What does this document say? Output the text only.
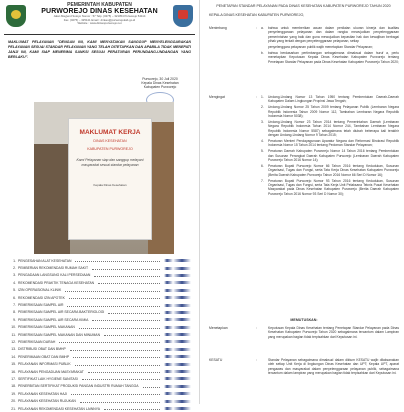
PEMERINTAH KABUPATEN
PURWOREJO DINAS KESEHATAN
Jalan Mayjend Sutoyo Nomor : 57 Telp. (0275) – 321054 Purworejo 54114
Fax. (0275) – 325141 Email : dinkes@purworejokab.go.id
Website : www.dinkespurworejo.net
MAKLUMAT PELAYANAN "DENGAN INI, KAMI MENYATAKAN SANGGUP MENYELENGGARAKAN PELAYANAN SESUAI STANDAR PELAYANAN YANG TELAH DITETAPKAN DAN APABILA TIDAK MENEPATI JANJI INI, KAMI SIAP MENERIMA SANKSI SESUAI PERATURAN PERUNDANG-UNDANGAN YANG BERLAKU".
Purworejo, 30 Juli 2020
Kepala Dinas Kesehatan
Kabupaten Purworejo
MAKLUMAT KERJA
DINAS KESEHATAN
KABUPATEN PURWOREJO
Kami Pelayanan siap dan sanggup melayani masyarakat sesuai standar pelayanan
Kepala Dinas Kesehatan
1. PENGESAHAN ALAT KESEHATAN
2. PEMBERIAN REKOMENDASI RUMAH SAKIT
3. PENGADAAN LANGSUNG KALI PERSEDIAAN
4. REKOMENDASI PRAKTIK TENAGA KESEHATAN
5. IZIN OPERASIONAL KLINIK
6. REKOMENDASI IZIN APOTEK
7. PEMERIKSAAN SAMPEL AIR
8. PEMERIKSAAN SAMPEL AIR SECARA BAKTERIOLOGI
9. PEMERIKSAAN SAMPEL AIR SECARA KIMIA
10. PEMERIKSAAN SAMPEL MAKANAN
11. PEMERIKSAAN SAMPEL MAKANAN DAN MINUMAN
12. PEMERIKSAAN DARAH
13. DISTRIBUSI OBAT DAN BMHP
14. PENERIMAAN OBAT DAN BMHP
15. PELAYANAN INFORMASI PUBLIK
16. PELAYANAN PENGADUAN MASYARAKAT
17. SERTIFIKAT LAIK HYGIENE SANITASI
18. PENERBITAN SERTIFIKAT PRODUKSI PANGAN INDUSTRI RUMAH TANGGA
19. PELAYANAN KESEHATAN HAJI
20. PELAYANAN KESEHATAN RUJUKAN
21. PELAYANAN REKOMENDASI KESEHATAN LAINNYA
PENETAPAN STANDAR PELAYANAN PADA DINAS KESEHATAN KABUPATEN PURWOREJO TAHUN 2020
KEPALA DINAS KESEHATAN KABUPATEN PURWOREJO,
Menimbang	: a.	bahwa untuk memberikan acuan dalam penilaian ukuran kinerja dan kualitas penyelenggaraan pelayanan dan dalam rangka mewujudkan penyelenggaraan pemerintahan yang baik dan guna mewujudkan kepastian hak dan kewajiban berbagai pihak yang terkait dengan penyelenggaraan pelayanan, setiap
penyelenggara pelayanan publik wajib menetapkan Standar Pelayanan;
b.	bahwa berdasarkan pertimbangan sebagaimana dimaksud dalam huruf a, perlu menetapkan Keputusan Kepala Dinas Kesehatan Kabupaten Purworejo tentang Penetapan Standar Pelayanan pada Dinas Kesehatan Kabupaten Purworejo Tahun 2020;
Mengingat	: 1.	Undang-Undang Nomor 13 Tahun 1950 tentang Pembentukan Daerah-Daerah Kabupaten Dalam Lingkungan Propinsi Jawa Tengah;
2.	Undang-Undang Nomor 25 Tahun 2009 tentang Pelayanan Publik (Lembaran Negara Republik Indonesia Tahun 2009 Nomor 112, Tambahan Lembaran Negara Republik Indonesia Nomor 5038);
3.	Undang-Undang Nomor 23 Tahun 2014 tentang Pemerintahan Daerah (Lembaran Negara Republik Indonesia Tahun 2014 Nomor 244, Tambahan Lembaran Negara Republik Indonesia Nomor 5587) sebagaimana telah diubah beberapa kali terakhir dengan Undang-Undang Nomor 9 Tahun 2015;
4.	Peraturan Menteri Pendayagunaan Aparatur Negara dan Reformasi Birokrasi Republik Indonesia Nomor 15 Tahun 2014 tentang Pedoman Standar Pelayanan;
5.	Peraturan Daerah Kabupaten Purworejo Nomor 14 Tahun 2016 tentang Pembentukan dan Susunan Perangkat Daerah Kabupaten Purworejo (Lembaran Daerah Kabupaten Purworejo Tahun 2016 Nomor 14);
6.	Peraturan Bupati Purworejo Nomor 66 Tahun 2016 tentang Kedudukan, Susunan Organisasi, Tugas dan Fungsi, serta Tata Kerja Dinas Kesehatan Kabupaten Purworejo (Berita Daerah Kabupaten Purworejo Tahun 2016 Nomor 66 Seri D Nomor 16);
7.	Peraturan Bupati Purworejo Nomor 93 Tahun 2016 tentang Kedudukan, Susunan Organisasi, Tugas dan Fungsi, serta Tata Kerja Unit Pelaksana Teknis Pusat Kesehatan Masyarakat pada Dinas Kesehatan Kabupaten Purworejo (Berita Daerah Kabupaten Purworejo Tahun 2016 Nomor 93 Seri D Nomor 30);
MEMUTUSKAN:
Menetapkan	:	Keputusan Kepala Dinas Kesehatan tentang Penetapan Standar Pelayanan pada Dinas Kesehatan Kabupaten Purworejo Tahun 2020 sebagaimana tercantum dalam Lampiran yang merupakan bagian tidak terpisahkan dari Keputusan ini.
KESATU	:	Standar Pelayanan sebagaimana dimaksud dalam diktum KESATU wajib dilaksanakan oleh setiap Unit Kerja di lingkungan Dinas Kesehatan dan UPT; Kepala UPT, aparat pengawas dan masyarakat dalam penyelenggaraan pelayanan publik, sebagaimana tercantum dalam lampiran yang merupakan bagian tidak terpisahkan dari Keputusan ini.
